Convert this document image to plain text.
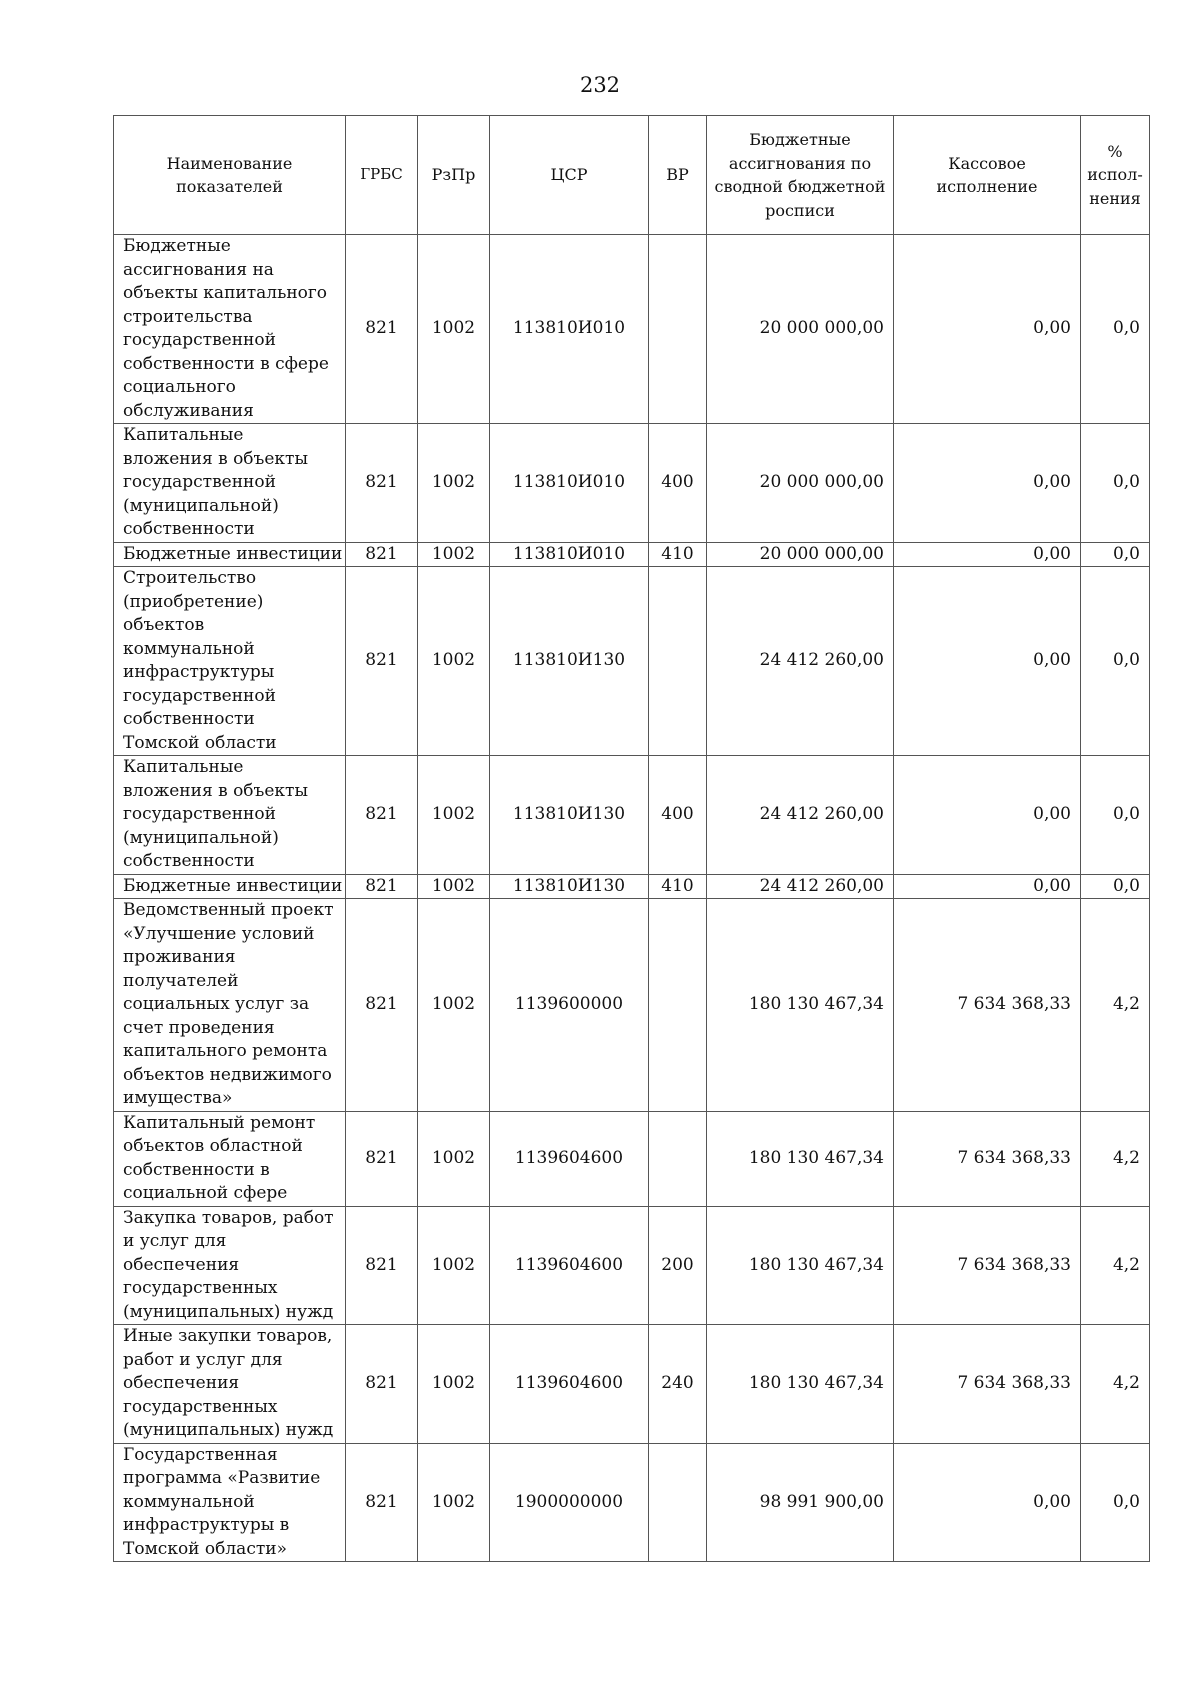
232
Наименование показателей	ГРБС	РзПр	ЦСР	ВР	Бюджетные ассигнования по сводной бюджетной росписи	Кассовое исполнение	% испол- нения
Бюджетные ассигнования на объекты капитального строительства государственной собственности в сфере социального обслуживания	821	1002	113810И010		20 000 000,00	0,00	0,0
Капитальные вложения в объекты государственной (муниципальной) собственности	821	1002	113810И010	400	20 000 000,00	0,00	0,0
Бюджетные инвестиции	821	1002	113810И010	410	20 000 000,00	0,00	0,0
Строительство (приобретение) объектов коммунальной инфраструктуры государственной собственности Томской области	821	1002	113810И130		24 412 260,00	0,00	0,0
Капитальные вложения в объекты государственной (муниципальной) собственности	821	1002	113810И130	400	24 412 260,00	0,00	0,0
Бюджетные инвестиции	821	1002	113810И130	410	24 412 260,00	0,00	0,0
Ведомственный проект «Улучшение условий проживания получателей социальных услуг за счет проведения капитального ремонта объектов недвижимого имущества»	821	1002	1139600000		180 130 467,34	7 634 368,33	4,2
Капитальный ремонт объектов областной собственности в социальной сфере	821	1002	1139604600		180 130 467,34	7 634 368,33	4,2
Закупка товаров, работ и услуг для обеспечения государственных (муниципальных) нужд	821	1002	1139604600	200	180 130 467,34	7 634 368,33	4,2
Иные закупки товаров, работ и услуг для обеспечения государственных (муниципальных) нужд	821	1002	1139604600	240	180 130 467,34	7 634 368,33	4,2
Государственная программа «Развитие коммунальной инфраструктуры в Томской области»	821	1002	1900000000		98 991 900,00	0,00	0,0
